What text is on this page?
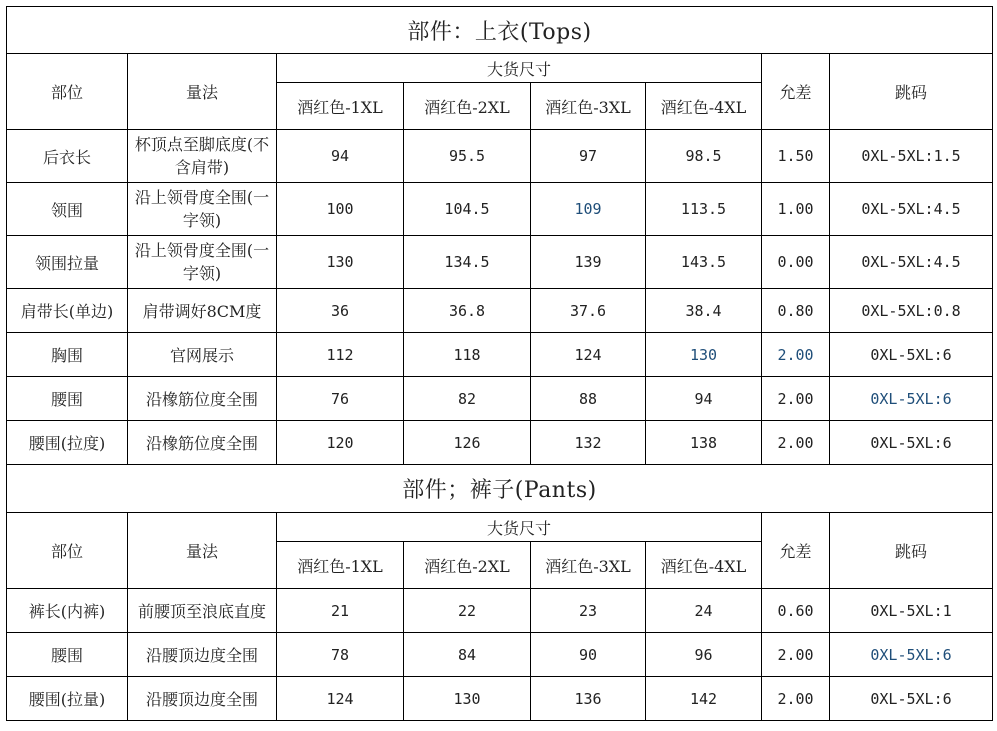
部件：上衣(Tops)							
部位	量法	大货尺寸				允差	跳码
		酒红色-1XL	酒红色-2XL	酒红色-3XL	酒红色-4XL		
后衣长	杯顶点至脚底度(不含肩带)	94	95.5	97	98.5	1.50	0XL-5XL:1.5
领围	沿上领骨度全围(一字领)	100	104.5	109	113.5	1.00	0XL-5XL:4.5
领围拉量	沿上领骨度全围(一字领)	130	134.5	139	143.5	0.00	0XL-5XL:4.5
肩带长(单边)	肩带调好8CM度	36	36.8	37.6	38.4	0.80	0XL-5XL:0.8
胸围	官网展示	112	118	124	130	2.00	0XL-5XL:6
腰围	沿橡筋位度全围	76	82	88	94	2.00	0XL-5XL:6
腰围(拉度)	沿橡筋位度全围	120	126	132	138	2.00	0XL-5XL:6
部件；裤子(Pants)							
部位	量法	大货尺寸				允差	跳码
		酒红色-1XL	酒红色-2XL	酒红色-3XL	酒红色-4XL		
裤长(内裤)	前腰顶至浪底直度	21	22	23	24	0.60	0XL-5XL:1
腰围	沿腰顶边度全围	78	84	90	96	2.00	0XL-5XL:6
腰围(拉量)	沿腰顶边度全围	124	130	136	142	2.00	0XL-5XL:6
